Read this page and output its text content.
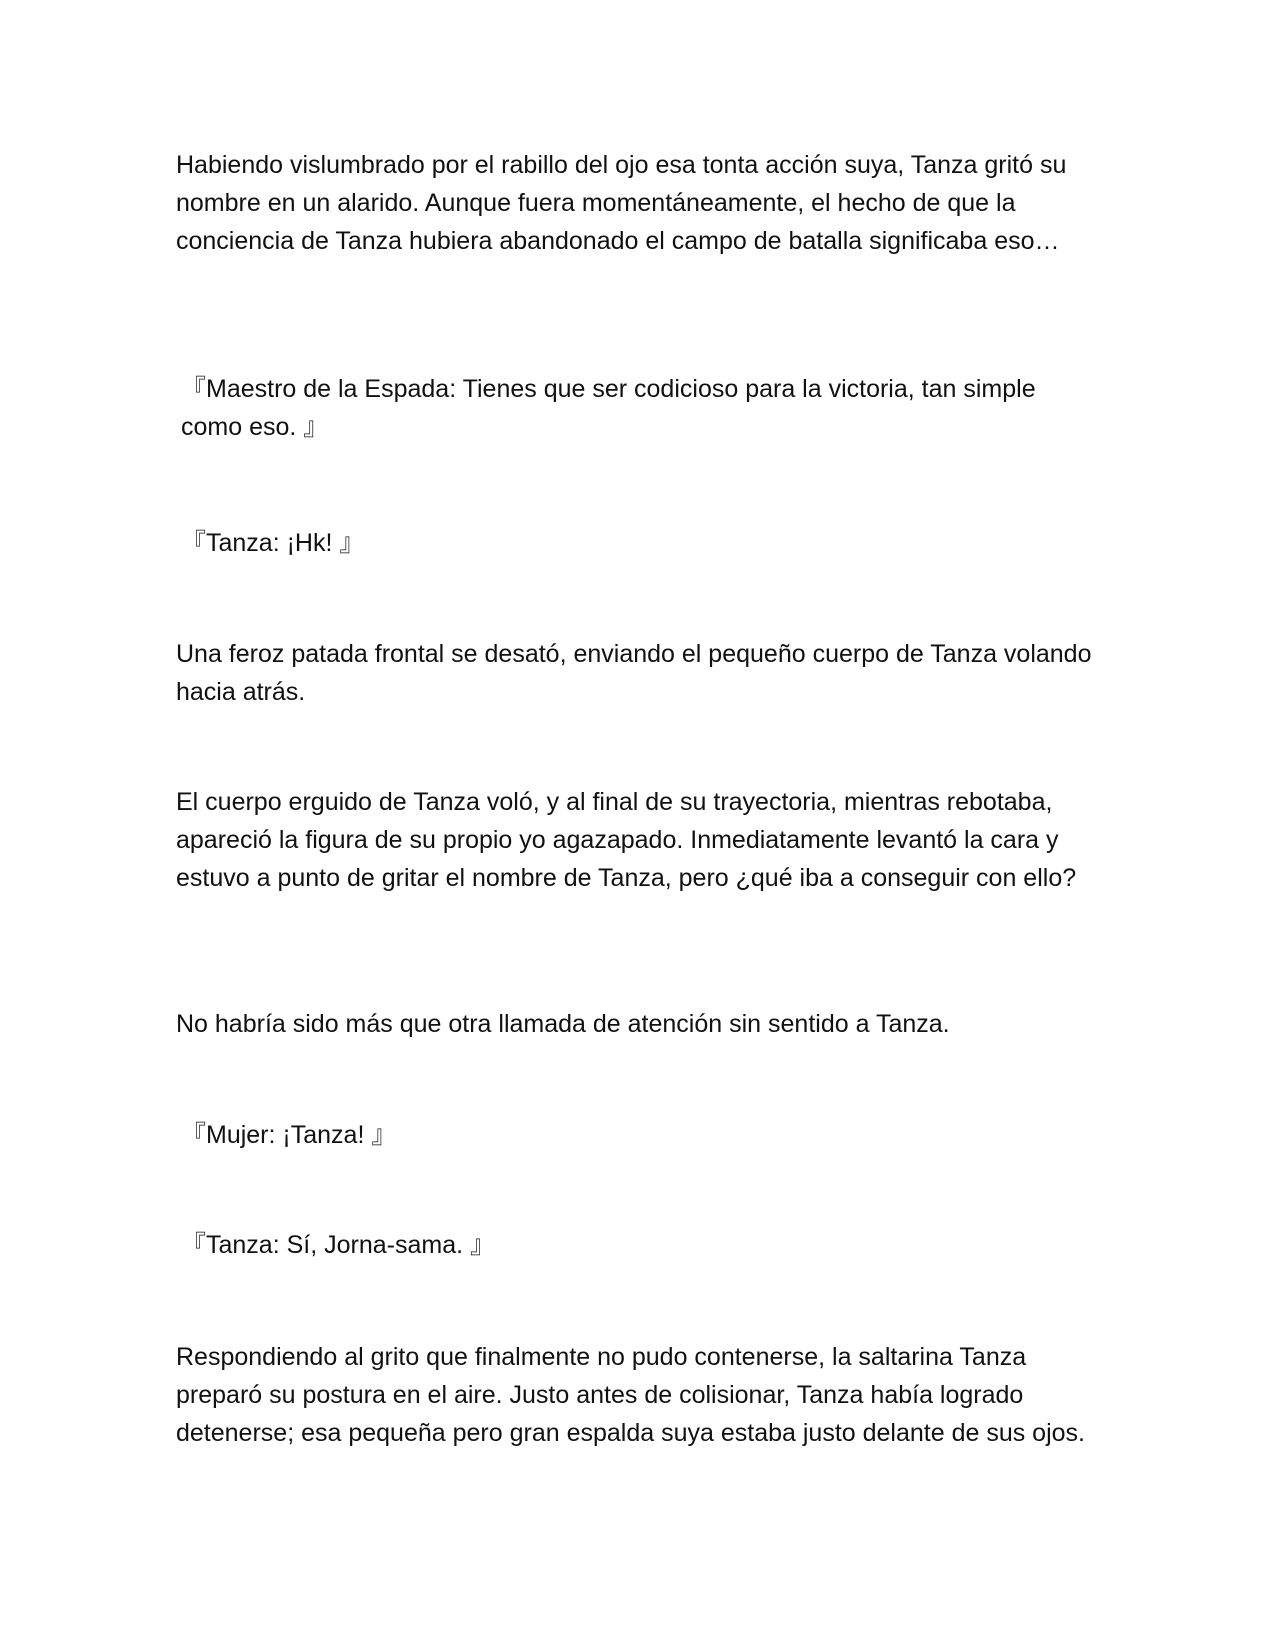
Habiendo vislumbrado por el rabillo del ojo esa tonta acción suya, Tanza gritó su nombre en un alarido. Aunque fuera momentáneamente, el hecho de que la conciencia de Tanza hubiera abandonado el campo de batalla significaba eso…

『Maestro de la Espada: Tienes que ser codicioso para la victoria, tan simple como eso. 』

『Tanza: ¡Hk! 』

Una feroz patada frontal se desató, enviando el pequeño cuerpo de Tanza volando hacia atrás.

El cuerpo erguido de Tanza voló, y al final de su trayectoria, mientras rebotaba, apareció la figura de su propio yo agazapado. Inmediatamente levantó la cara y estuvo a punto de gritar el nombre de Tanza, pero ¿qué iba a conseguir con ello?

No habría sido más que otra llamada de atención sin sentido a Tanza.

『Mujer: ¡Tanza! 』

『Tanza: Sí, Jorna-sama. 』

Respondiendo al grito que finalmente no pudo contenerse, la saltarina Tanza preparó su postura en el aire. Justo antes de colisionar, Tanza había logrado detenerse; esa pequeña pero gran espalda suya estaba justo delante de sus ojos.
